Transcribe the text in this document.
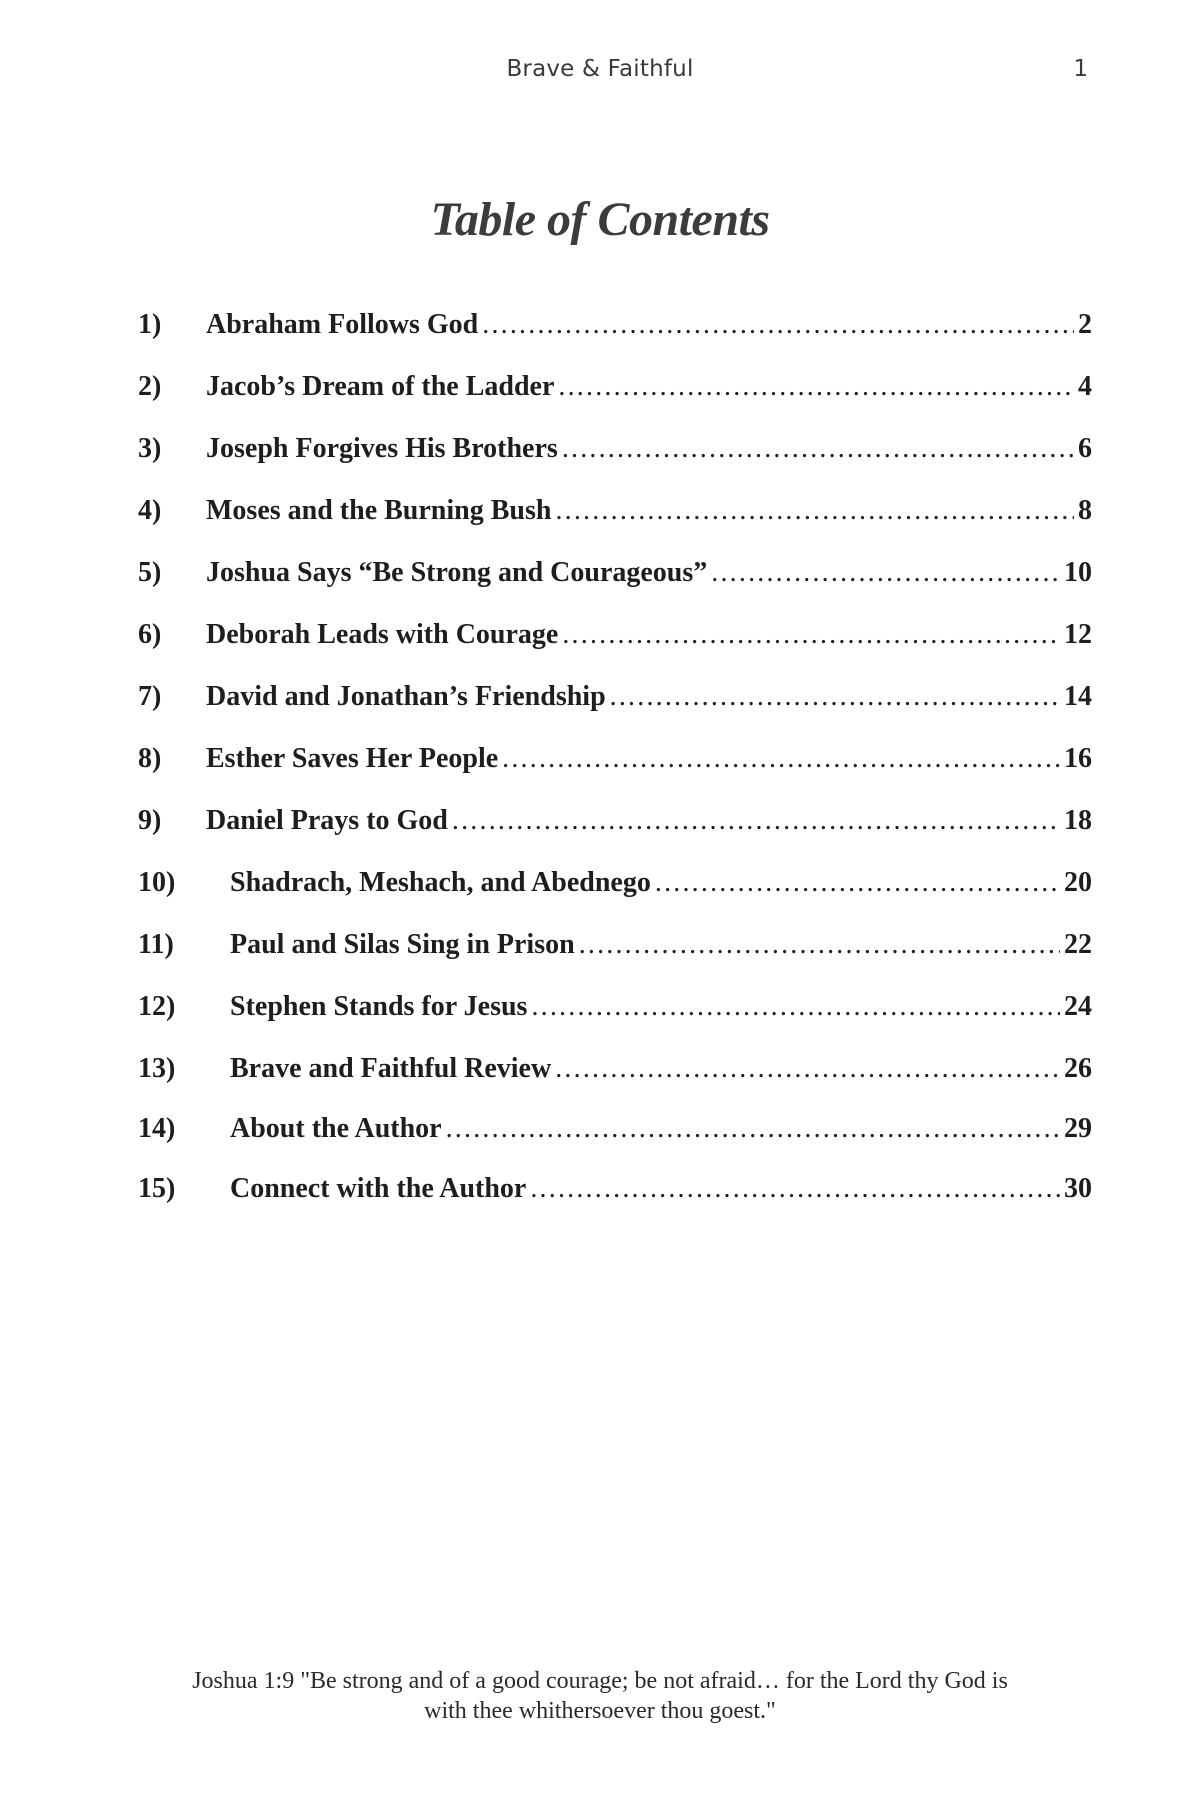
Brave & Faithful	1
Table of Contents
1)	Abraham Follows God .....	2
2)	Jacob’s Dream of the Ladder .....	4
3)	Joseph Forgives His Brothers .....	6
4)	Moses and the Burning Bush .....	8
5)	Joshua Says “Be Strong and Courageous” .....	10
6)	Deborah Leads with Courage .....	12
7)	David and Jonathan’s Friendship .....	14
8)	Esther Saves Her People .....	16
9)	Daniel Prays to God .....	18
10)	Shadrach, Meshach, and Abednego .....	20
11)	Paul and Silas Sing in Prison .....	22
12)	Stephen Stands for Jesus .....	24
13)	Brave and Faithful Review .....	26
14)	About the Author .....	29
15)	Connect with the Author .....	30
Joshua 1:9 "Be strong and of a good courage; be not afraid… for the Lord thy God is
with thee whithersoever thou goest."
